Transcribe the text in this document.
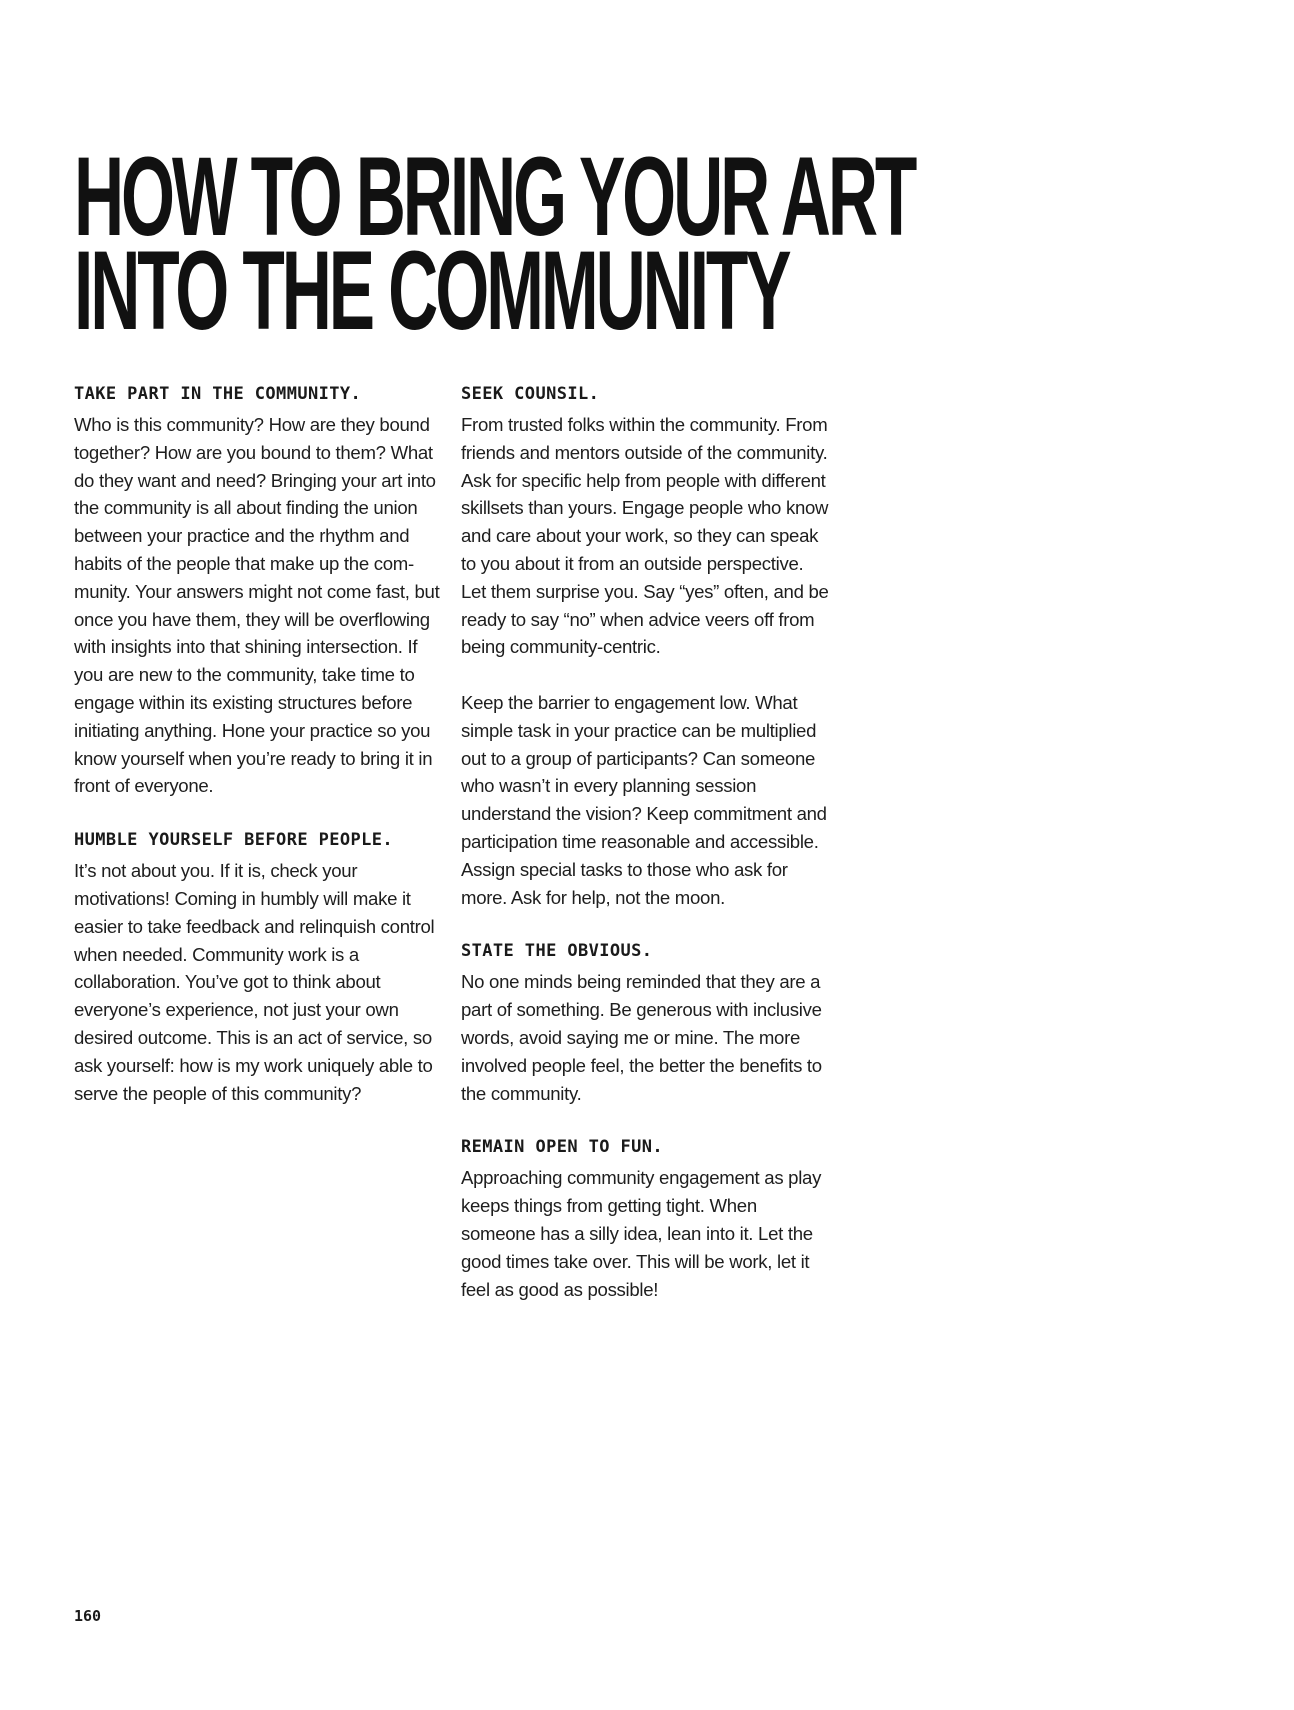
HOW TO BRING YOUR ART
INTO THE COMMUNITY
TAKE PART IN THE COMMUNITY.

Who is this community? How are they bound together? How are you bound to them? What do they want and need? Bringing your art into the community is all about finding the union between your practice and the rhythm and habits of the people that make up the com-munity. Your answers might not come fast, but once you have them, they will be overflowing with insights into that shining intersection. If you are new to the community, take time to engage within its existing structures before initiating anything. Hone your practice so you know yourself when you’re ready to bring it in front of everyone.

HUMBLE YOURSELF BEFORE PEOPLE.

It’s not about you. If it is, check your motivations! Coming in humbly will make it easier to take feedback and relinquish control when needed. Community work is a collaboration. You’ve got to think about everyone’s experience, not just your own desired outcome. This is an act of service, so ask yourself: how is my work uniquely able to serve the people of this community?

SEEK COUNSIL.

From trusted folks within the community. From friends and mentors outside of the community. Ask for specific help from people with different skillsets than yours. Engage people who know and care about your work, so they can speak to you about it from an outside perspective. Let them surprise you. Say “yes” often, and be ready to say “no” when advice veers off from being community-centric.

Keep the barrier to engagement low. What simple task in your practice can be multiplied out to a group of participants? Can someone who wasn’t in every planning session understand the vision? Keep commitment and participation time reasonable and accessible. Assign special tasks to those who ask for more. Ask for help, not the moon.

STATE THE OBVIOUS.

No one minds being reminded that they are a part of something. Be generous with inclusive words, avoid saying me or mine. The more involved people feel, the better the benefits to the community.

REMAIN OPEN TO FUN.

Approaching community engagement as play keeps things from getting tight. When someone has a silly idea, lean into it. Let the good times take over. This will be work, let it feel as good as possible!

160
